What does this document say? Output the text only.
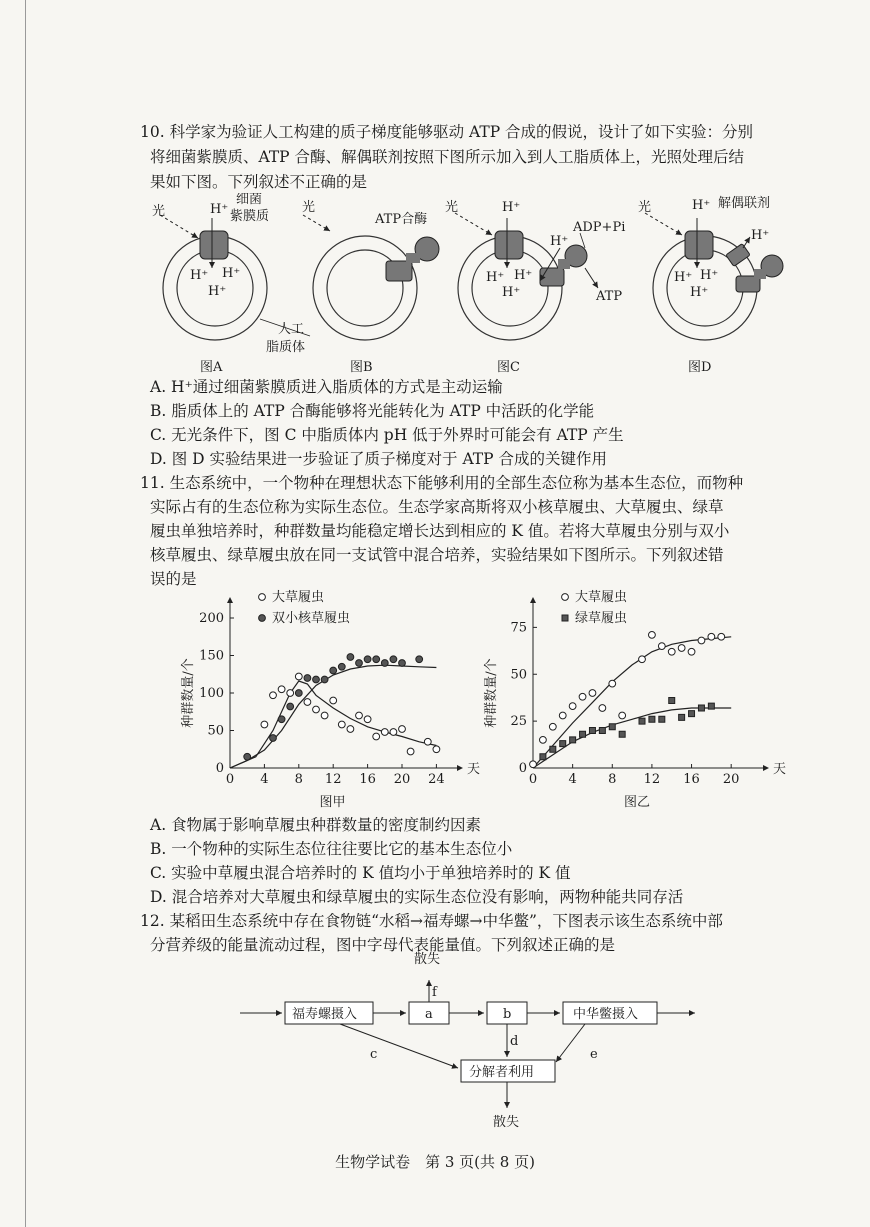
10. 科学家为验证人工构建的质子梯度能够驱动 ATP 合成的假说，设计了如下实验：分别
将细菌紫膜质、ATP 合酶、解偶联剂按照下图所示加入到人工脂质体上，光照处理后结
果如下图。下列叙述不正确的是
光	H⁺
细菌
紫膜质
H⁺ H⁺
H⁺
人工
脂质体
图A
光
ATP合酶
图B
光	H⁺
H⁺
ADP+Pi
ATP
H⁺ H⁺
H⁺
图C
光	H⁺ 解偶联剂
H⁺
H⁺ H⁺
H⁺
图D
A. H⁺通过细菌紫膜质进入脂质体的方式是主动运输
B. 脂质体上的 ATP 合酶能够将光能转化为 ATP 中活跃的化学能
C. 无光条件下，图 C 中脂质体内 pH 低于外界时可能会有 ATP 产生
D. 图 D 实验结果进一步验证了质子梯度对于 ATP 合成的关键作用
11. 生态系统中，一个物种在理想状态下能够利用的全部生态位称为基本生态位，而物种
实际占有的生态位称为实际生态位。生态学家高斯将双小核草履虫、大草履虫、绿草
履虫单独培养时，种群数量均能稳定增长达到相应的 K 值。若将大草履虫分别与双小
核草履虫、绿草履虫放在同一支试管中混合培养，实验结果如下图所示。下列叙述错
误的是
0 4 8 12 16 20 24
0
50
100
150
200
天
种群数量/个
图甲
大草履虫
双小核草履虫
0 4 8 12 16 20
0
25
50
75
天
种群数量/个
图乙
大草履虫
绿草履虫
A. 食物属于影响草履虫种群数量的密度制约因素
B. 一个物种的实际生态位往往要比它的基本生态位小
C. 实验中草履虫混合培养时的 K 值均小于单独培养时的 K 值
D. 混合培养对大草履虫和绿草履虫的实际生态位没有影响，两物种能共同存活
12. 某稻田生态系统中存在食物链“水稻→福寿螺→中华鳖”，下图表示该生态系统中部
分营养级的能量流动过程，图中字母代表能量值。下列叙述正确的是
散失
f
福寿螺摄入	a	b	中华鳖摄入
c
d
e
分解者利用
散失
生物学试卷　第 3 页(共 8 页)
